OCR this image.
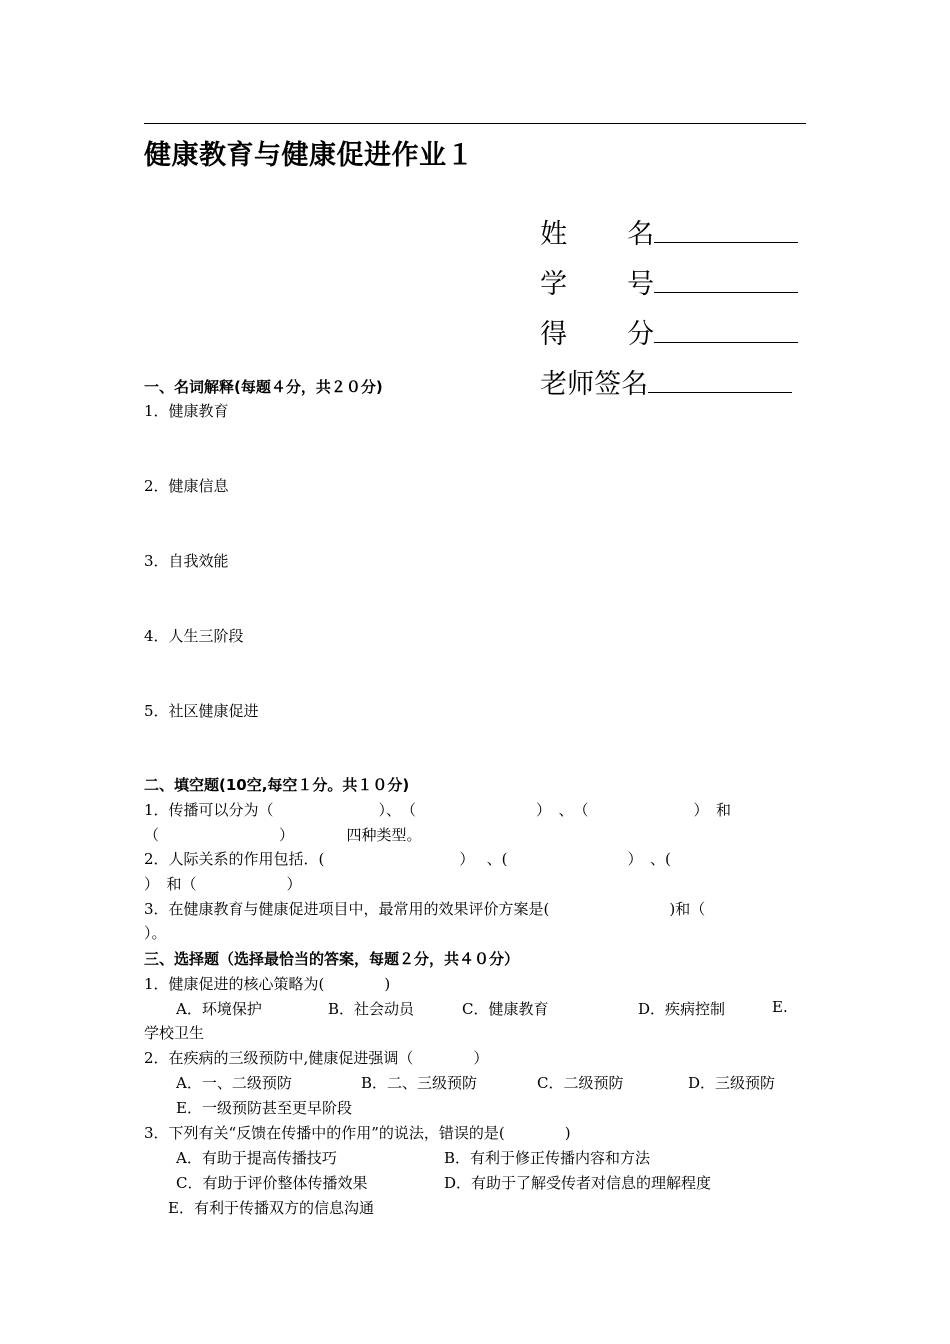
健康教育与健康促进作业１

姓 名

学 号

得 分

老师签名

一、名词解释(每题４分，共２０分)
1．健康教育
2．健康信息
3．自我效能
4．人生三阶段
5．社区健康促进
二、填空题(10空,每空１分。共１０分)
1．传播可以分为（　　　　　　　）、　（　　　　　　　　）　、　（　　　　　　　）　和
（　　　　　　　　）　　　　四种类型。
2．人际关系的作用包括．(　　　　　　　　　）　 、(　　　　　　　　）　、(
）　和（　　　　　　）
3．在健康教育与健康促进项目中，最常用的效果评价方案是(　　　　　　　　)和（
）。
三、选择题（选择最恰当的答案，每题２分，共４０分）
1．健康促进的核心策略为(　　　　)
A．环境保护	B．社会动员	C．健康教育	D．疾病控制	E.
学校卫生
2．在疾病的三级预防中,健康促进强调（　　　　）
A．一、二级预防	B．二、三级预防	C．二级预防	D．三级预防
E．一级预防甚至更早阶段
3．下列有关“反馈在传播中的作用”的说法，错误的是(　　　　)
A．有助于提高传播技巧	B．有利于修正传播内容和方法
C．有助于评价整体传播效果	D．有助于了解受传者对信息的理解程度
E．有利于传播双方的信息沟通
